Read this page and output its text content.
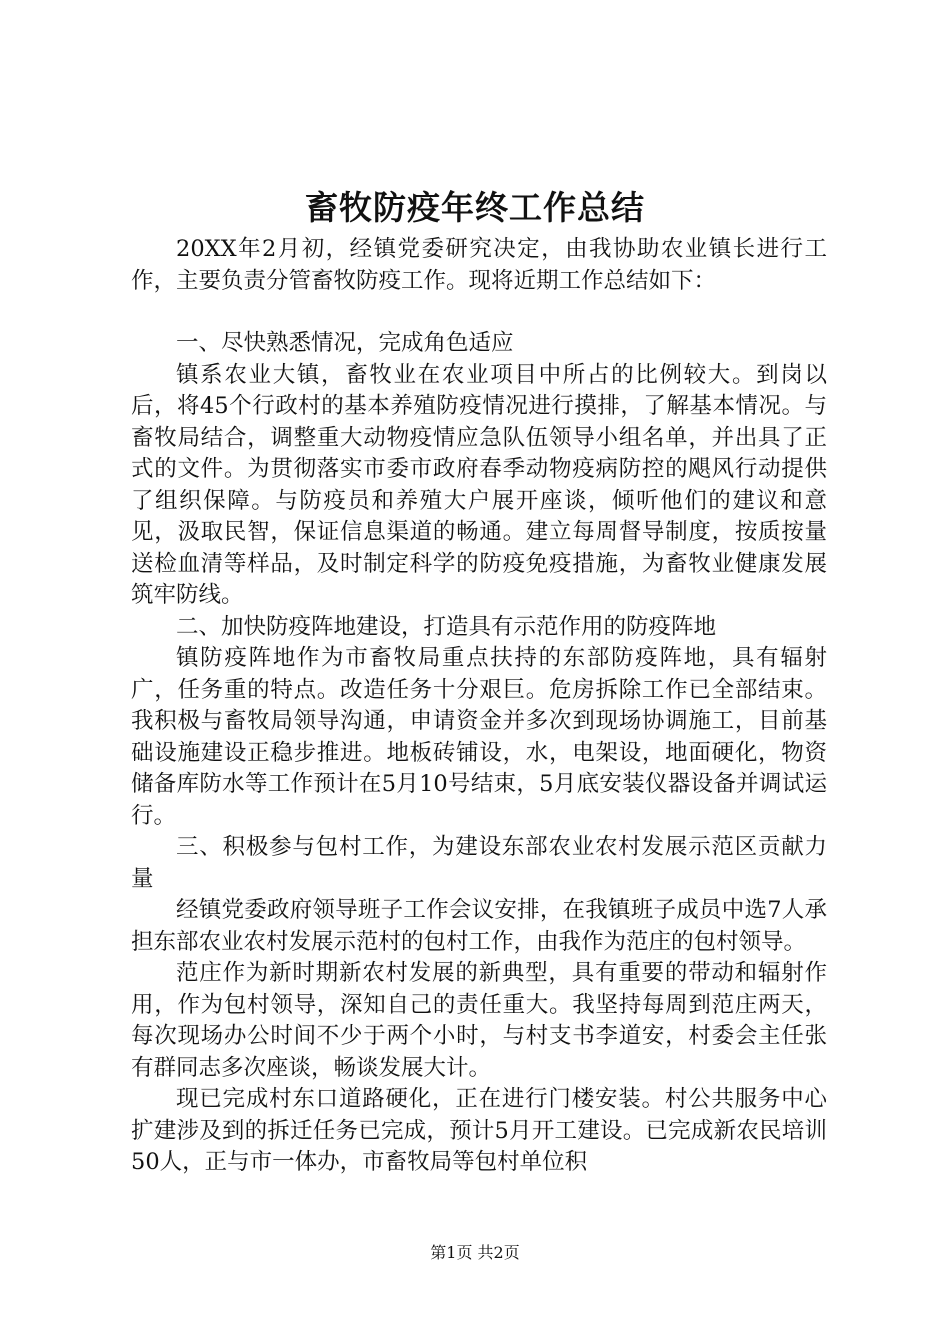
畜牧防疫年终工作总结

20XX年2月初，经镇党委研究决定，由我协助农业镇长进行工作，主要负责分管畜牧防疫工作。现将近期工作总结如下：

一、尽快熟悉情况，完成角色适应

镇系农业大镇，畜牧业在农业项目中所占的比例较大。到岗以后，将45个行政村的基本养殖防疫情况进行摸排，了解基本情况。与畜牧局结合，调整重大动物疫情应急队伍领导小组名单，并出具了正式的文件。为贯彻落实市委市政府春季动物疫病防控的飓风行动提供了组织保障。与防疫员和养殖大户展开座谈，倾听他们的建议和意见，汲取民智，保证信息渠道的畅通。建立每周督导制度，按质按量送检血清等样品，及时制定科学的防疫免疫措施，为畜牧业健康发展筑牢防线。

二、加快防疫阵地建设，打造具有示范作用的防疫阵地

镇防疫阵地作为市畜牧局重点扶持的东部防疫阵地，具有辐射广，任务重的特点。改造任务十分艰巨。危房拆除工作已全部结束。我积极与畜牧局领导沟通，申请资金并多次到现场协调施工，目前基础设施建设正稳步推进。地板砖铺设，水，电架设，地面硬化，物资储备库防水等工作预计在5月10号结束，5月底安装仪器设备并调试运行。

三、积极参与包村工作，为建设东部农业农村发展示范区贡献力量

经镇党委政府领导班子工作会议安排，在我镇班子成员中选7人承担东部农业农村发展示范村的包村工作，由我作为范庄的包村领导。

范庄作为新时期新农村发展的新典型，具有重要的带动和辐射作用，作为包村领导，深知自己的责任重大。我坚持每周到范庄两天，每次现场办公时间不少于两个小时，与村支书李道安，村委会主任张有群同志多次座谈，畅谈发展大计。

现已完成村东口道路硬化，正在进行门楼安装。村公共服务中心扩建涉及到的拆迁任务已完成，预计5月开工建设。已完成新农民培训50人，正与市一体办，市畜牧局等包村单位积

第1页 共2页
